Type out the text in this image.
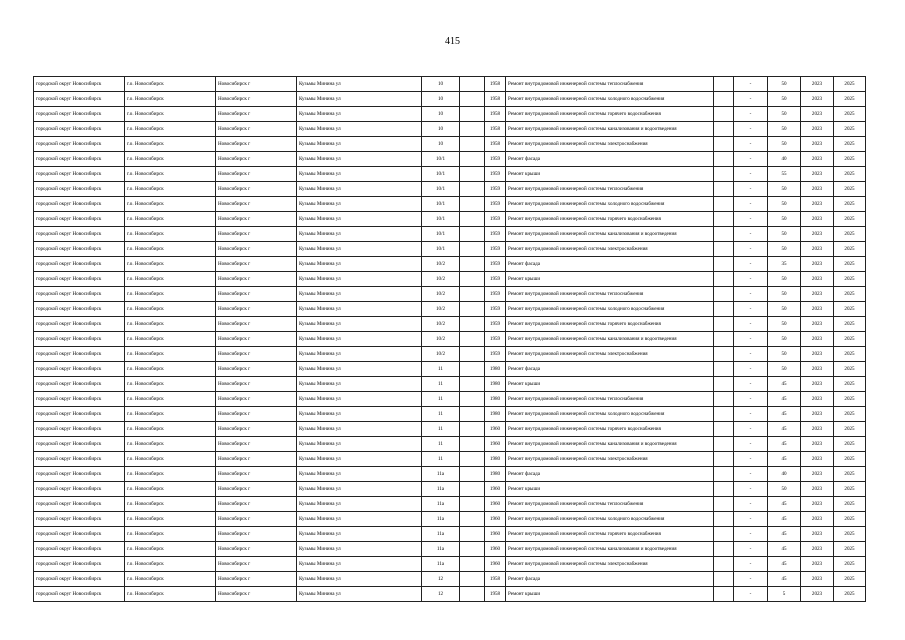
415
городской округ Новосибирск	г.о. Новосибирск	Новосибирск г	Кузьмы Минина ул	10		1958	Ремонт внутридомовой инженерной системы теплоснабжения		-	50	2023	2025
городской округ Новосибирск	г.о. Новосибирск	Новосибирск г	Кузьмы Минина ул	10		1958	Ремонт внутридомовой инженерной системы холодного водоснабжения		-	50	2023	2025
городской округ Новосибирск	г.о. Новосибирск	Новосибирск г	Кузьмы Минина ул	10		1958	Ремонт внутридомовой инженерной системы горячего водоснабжения		-	50	2023	2025
городской округ Новосибирск	г.о. Новосибирск	Новосибирск г	Кузьмы Минина ул	10		1958	Ремонт внутридомовой инженерной системы канализования и водоотведения		-	50	2023	2025
городской округ Новосибирск	г.о. Новосибирск	Новосибирск г	Кузьмы Минина ул	10		1958	Ремонт внутридомовой инженерной системы электроснабжения		-	50	2023	2025
городской округ Новосибирск	г.о. Новосибирск	Новосибирск г	Кузьмы Минина ул	10/1		1959	Ремонт фасада		-	40	2023	2025
городской округ Новосибирск	г.о. Новосибирск	Новосибирск г	Кузьмы Минина ул	10/1		1959	Ремонт крыши		-	55	2023	2025
городской округ Новосибирск	г.о. Новосибирск	Новосибирск г	Кузьмы Минина ул	10/1		1959	Ремонт внутридомовой инженерной системы теплоснабжения		-	50	2023	2025
городской округ Новосибирск	г.о. Новосибирск	Новосибирск г	Кузьмы Минина ул	10/1		1959	Ремонт внутридомовой инженерной системы холодного водоснабжения		-	50	2023	2025
городской округ Новосибирск	г.о. Новосибирск	Новосибирск г	Кузьмы Минина ул	10/1		1959	Ремонт внутридомовой инженерной системы горячего водоснабжения		-	50	2023	2025
городской округ Новосибирск	г.о. Новосибирск	Новосибирск г	Кузьмы Минина ул	10/1		1959	Ремонт внутридомовой инженерной системы канализования и водоотведения		-	50	2023	2025
городской округ Новосибирск	г.о. Новосибирск	Новосибирск г	Кузьмы Минина ул	10/1		1959	Ремонт внутридомовой инженерной системы электроснабжения		-	50	2023	2025
городской округ Новосибирск	г.о. Новосибирск	Новосибирск г	Кузьмы Минина ул	10/2		1959	Ремонт фасада		-	35	2023	2025
городской округ Новосибирск	г.о. Новосибирск	Новосибирск г	Кузьмы Минина ул	10/2		1959	Ремонт крыши		-	50	2023	2025
городской округ Новосибирск	г.о. Новосибирск	Новосибирск г	Кузьмы Минина ул	10/2		1959	Ремонт внутридомовой инженерной системы теплоснабжения		-	50	2023	2025
городской округ Новосибирск	г.о. Новосибирск	Новосибирск г	Кузьмы Минина ул	10/2		1959	Ремонт внутридомовой инженерной системы холодного водоснабжения		-	50	2023	2025
городской округ Новосибирск	г.о. Новосибирск	Новосибирск г	Кузьмы Минина ул	10/2		1959	Ремонт внутридомовой инженерной системы горячего водоснабжения		-	50	2023	2025
городской округ Новосибирск	г.о. Новосибирск	Новосибирск г	Кузьмы Минина ул	10/2		1959	Ремонт внутридомовой инженерной системы канализования и водоотведения		-	50	2023	2025
городской округ Новосибирск	г.о. Новосибирск	Новосибирск г	Кузьмы Минина ул	10/2		1959	Ремонт внутридомовой инженерной системы электроснабжения		-	50	2023	2025
городской округ Новосибирск	г.о. Новосибирск	Новосибирск г	Кузьмы Минина ул	11		1980	Ремонт фасада		-	50	2023	2025
городской округ Новосибирск	г.о. Новосибирск	Новосибирск г	Кузьмы Минина ул	11		1980	Ремонт крыши		-	45	2023	2025
городской округ Новосибирск	г.о. Новосибирск	Новосибирск г	Кузьмы Минина ул	11		1980	Ремонт внутридомовой инженерной системы теплоснабжения		-	45	2023	2025
городской округ Новосибирск	г.о. Новосибирск	Новосибирск г	Кузьмы Минина ул	11		1980	Ремонт внутридомовой инженерной системы холодного водоснабжения		-	45	2023	2025
городской округ Новосибирск	г.о. Новосибирск	Новосибирск г	Кузьмы Минина ул	11		1960	Ремонт внутридомовой инженерной системы горячего водоснабжения		-	45	2023	2025
городской округ Новосибирск	г.о. Новосибирск	Новосибирск г	Кузьмы Минина ул	11		1960	Ремонт внутридомовой инженерной системы канализования и водоотведения		-	45	2023	2025
городской округ Новосибирск	г.о. Новосибирск	Новосибирск г	Кузьмы Минина ул	11		1980	Ремонт внутридомовой инженерной системы электроснабжения		-	45	2023	2025
городской округ Новосибирск	г.о. Новосибирск	Новосибирск г	Кузьмы Минина ул	11а		1980	Ремонт фасада		-	40	2023	2025
городской округ Новосибирск	г.о. Новосибирск	Новосибирск г	Кузьмы Минина ул	11а		1960	Ремонт крыши		-	50	2023	2025
городской округ Новосибирск	г.о. Новосибирск	Новосибирск г	Кузьмы Минина ул	11а		1960	Ремонт внутридомовой инженерной системы теплоснабжения		-	45	2023	2025
городской округ Новосибирск	г.о. Новосибирск	Новосибирск г	Кузьмы Минина ул	11а		1960	Ремонт внутридомовой инженерной системы холодного водоснабжения		-	45	2023	2025
городской округ Новосибирск	г.о. Новосибирск	Новосибирск г	Кузьмы Минина ул	11а		1960	Ремонт внутридомовой инженерной системы горячего водоснабжения		-	45	2023	2025
городской округ Новосибирск	г.о. Новосибирск	Новосибирск г	Кузьмы Минина ул	11а		1960	Ремонт внутридомовой инженерной системы канализования и водоотведения		-	45	2023	2025
городской округ Новосибирск	г.о. Новосибирск	Новосибирск г	Кузьмы Минина ул	11а		1960	Ремонт внутридомовой инженерной системы электроснабжения		-	45	2023	2025
городской округ Новосибирск	г.о. Новосибирск	Новосибирск г	Кузьмы Минина ул	12		1958	Ремонт фасада		-	45	2023	2025
городской округ Новосибирск	г.о. Новосибирск	Новосибирск г	Кузьмы Минина ул	12		1958	Ремонт крыши		-	5	2023	2025
